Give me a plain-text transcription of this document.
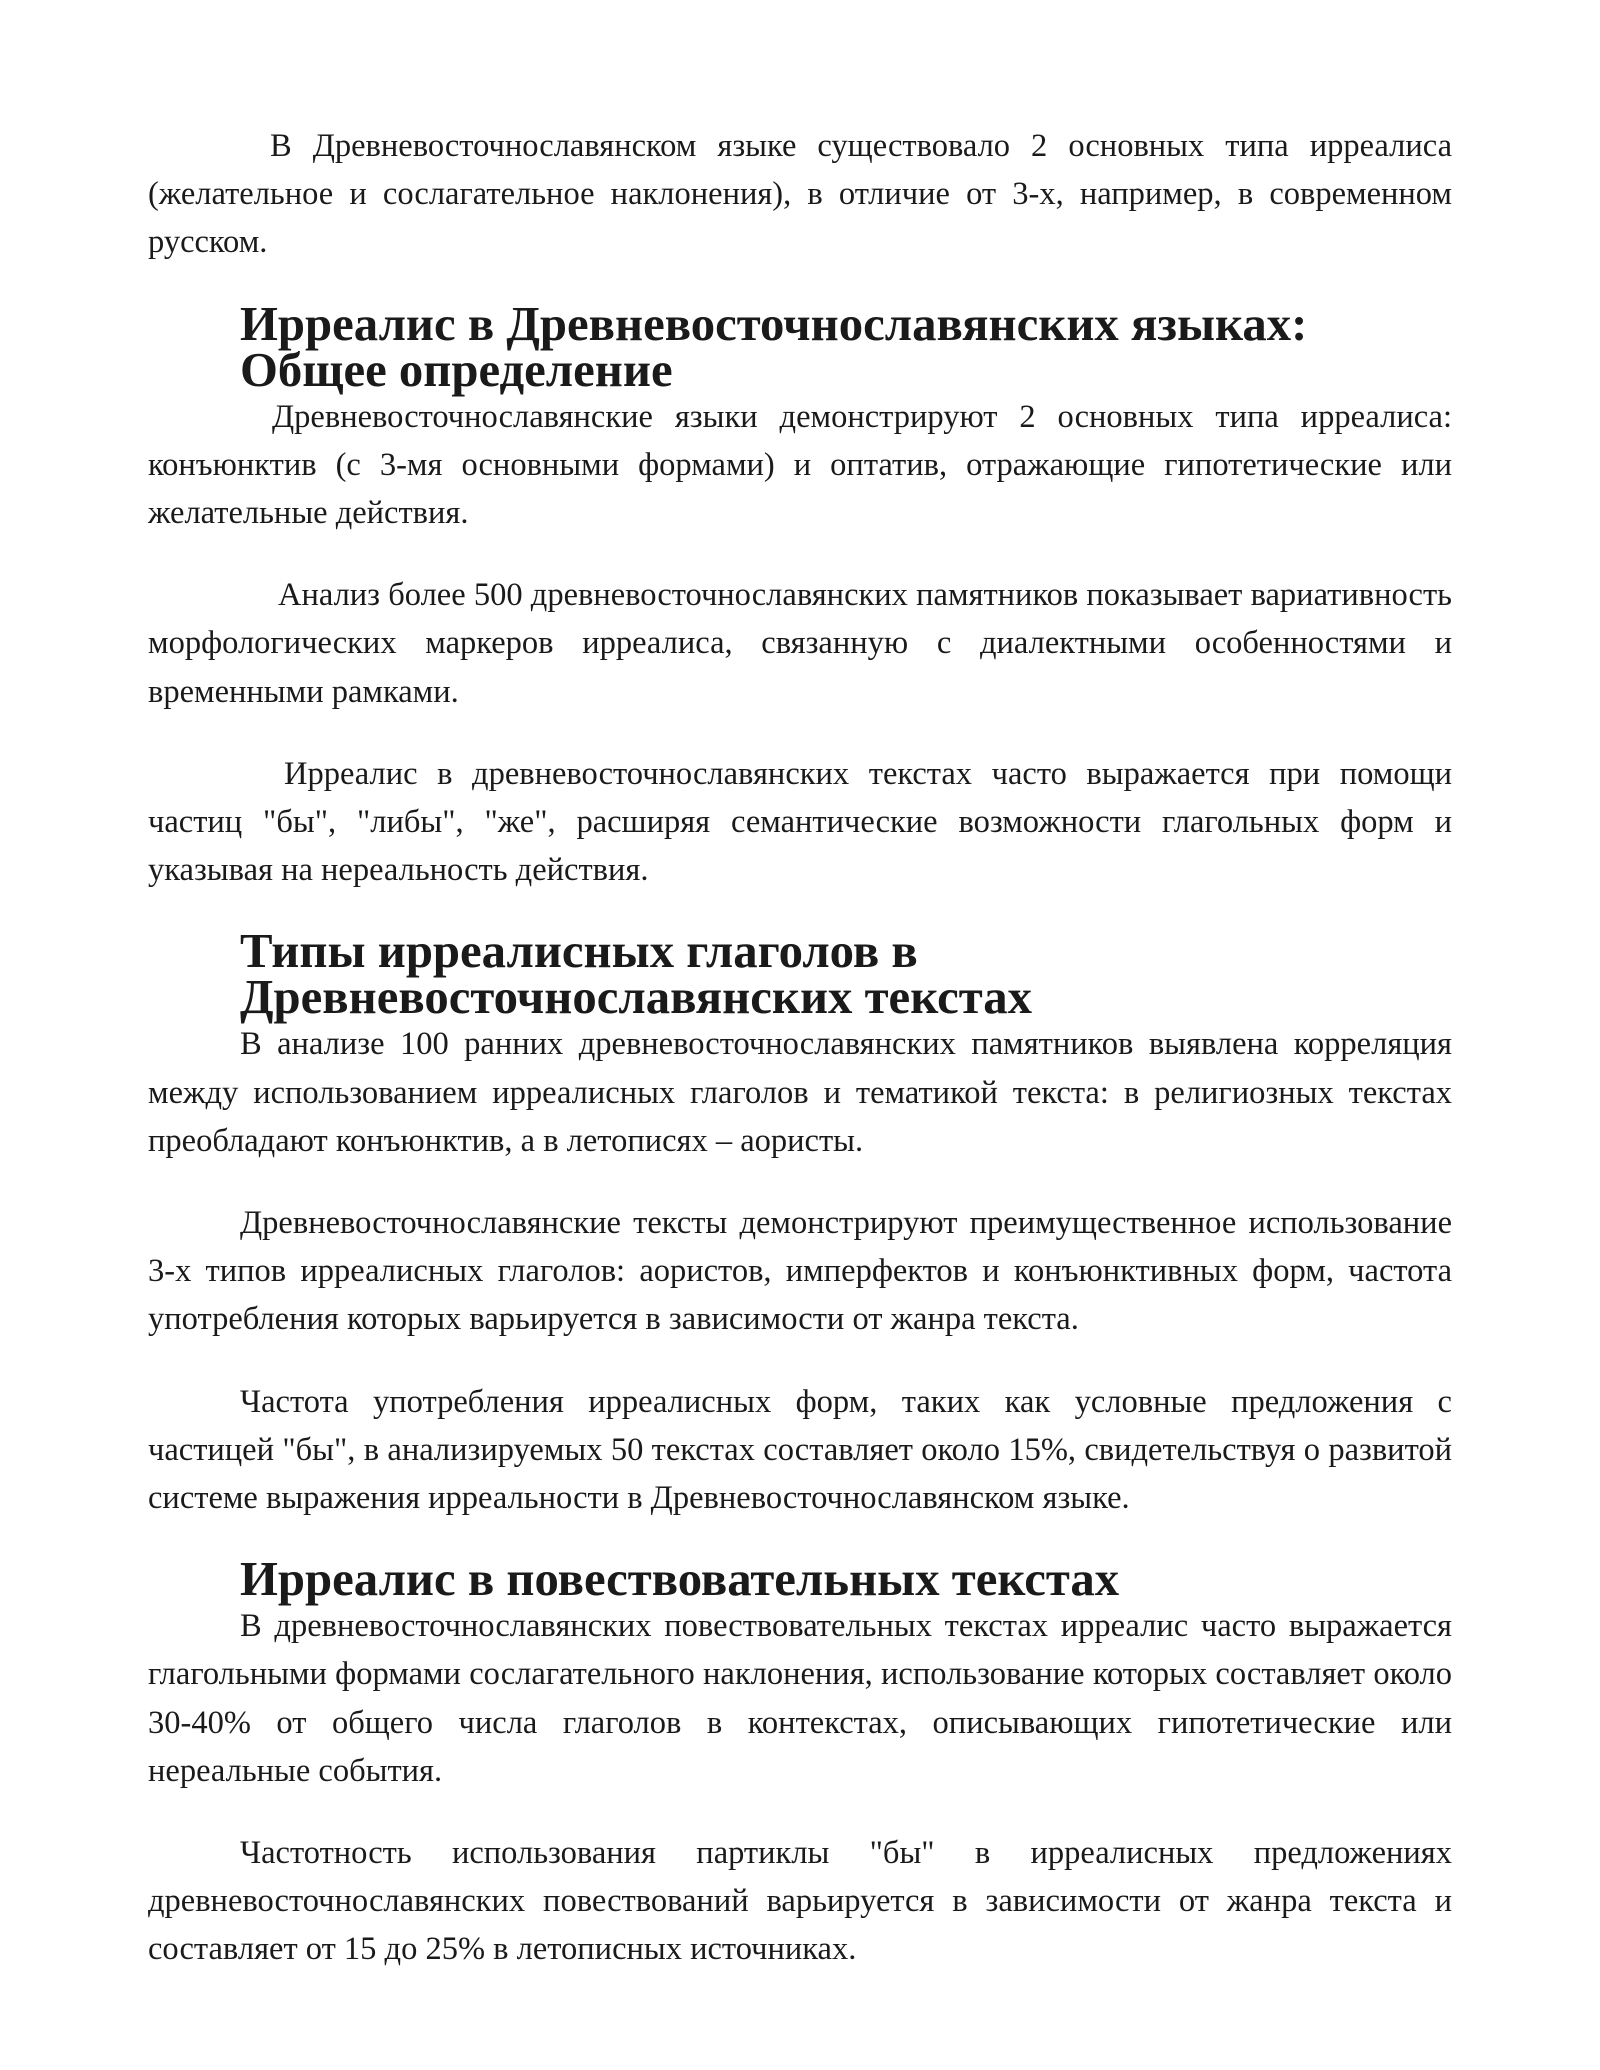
В Древневосточнославянском языке существовало 2 основных типа ирреалиса (желательное и сослагательное наклонения), в отличие от 3-х, например, в современном русском.

Ирреалис в Древневосточнославянских языках: Общее определение

Древневосточнославянские языки демонстрируют 2 основных типа ирреалиса: конъюнктив (с 3-мя основными формами) и оптатив, отражающие гипотетические или желательные действия.

Анализ более 500 древневосточнославянских памятников показывает вариативность морфологических маркеров ирреалиса, связанную с диалектными особенностями и временными рамками.

Ирреалис в древневосточнославянских текстах часто выражается при помощи частиц "бы", "либы", "же", расширяя семантические возможности глагольных форм и указывая на нереальность действия.

Типы ирреалисных глаголов в Древневосточнославянских текстах

В анализе 100 ранних древневосточнославянских памятников выявлена корреляция между использованием ирреалисных глаголов и тематикой текста: в религиозных текстах преобладают конъюнктив, а в летописях – аористы.

Древневосточнославянские тексты демонстрируют преимущественное использование 3-х типов ирреалисных глаголов: аористов, имперфектов и конъюнктивных форм, частота употребления которых варьируется в зависимости от жанра текста.

Частота употребления ирреалисных форм, таких как условные предложения с частицей "бы", в анализируемых 50 текстах составляет около 15%, свидетельствуя о развитой системе выражения ирреальности в Древневосточнославянском языке.

Ирреалис в повествовательных текстах

В древневосточнославянских повествовательных текстах ирреалис часто выражается глагольными формами сослагательного наклонения, использование которых составляет около 30-40% от общего числа глаголов в контекстах, описывающих гипотетические или нереальные события.

Частотность использования партиклы "бы" в ирреалисных предложениях древневосточнославянских повествований варьируется в зависимости от жанра текста и составляет от 15 до 25% в летописных источниках.
